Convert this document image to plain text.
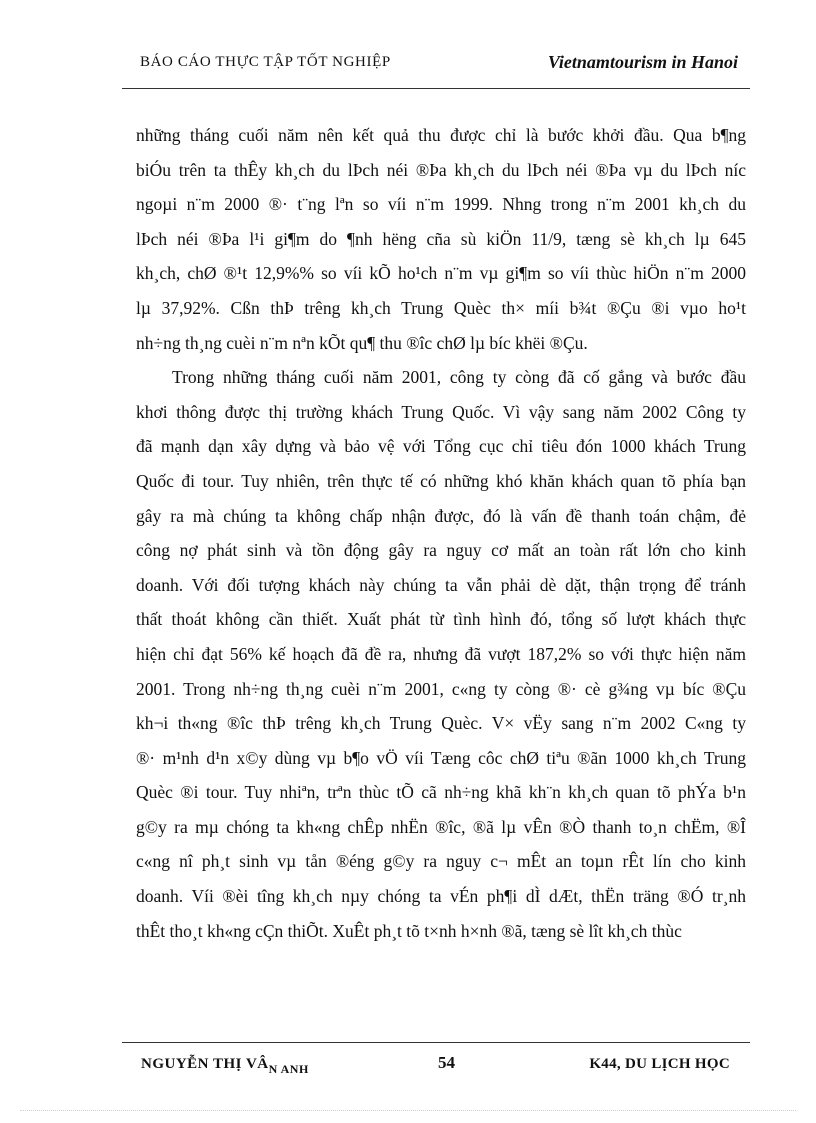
BÁO CÁO THỰC TẬP TỐT NGHIỆP	Vietnamtourism in Hanoi
những tháng cuối năm nên kết quả thu được chỉ là bước khởi đầu. Qua b¶ng
biÓu trên ta thÊy kh¸ch du lÞch néi ®Þa kh¸ch du lÞch néi ®Þa vµ du lÞch níc
ngoµi n¨m 2000 ®· t¨ng lªn so víi n¨m 1999. Nhng trong n¨m 2001 kh¸ch du
lÞch néi ®Þa l¹i gi¶m do ¶nh hëng cña sù kiÖn 11/9, tæng sè kh¸ch lµ 645
kh¸ch, chØ ®¹t 12,9%% so víi kÕ ho¹ch n¨m vµ gi¶m so víi thùc hiÖn n¨m 2000
lµ 37,92%. Cßn thÞ trêng kh¸ch Trung Quèc th× míi b¾t ®Çu ®i vµo ho¹t
nh÷ng th¸ng cuèi n¨m nªn kÕt qu¶ thu ®îc chØ lµ bíc khëi ®Çu.
Trong những tháng cuối năm 2001, công ty còng đã cố gắng và bước đầu
khơi thông được thị trường khách Trung Quốc. Vì vậy sang năm 2002 Công ty
đã mạnh dạn xây dựng và bảo vệ với Tổng cục chỉ tiêu đón 1000 khách Trung
Quốc đi tour. Tuy nhiên, trên thực tế có những khó khăn khách quan tõ phía bạn
gây ra mà chúng ta không chấp nhận được, đó là vấn đề thanh toán chậm, đẻ
công nợ phát sinh và tồn động gây ra nguy cơ mất an toàn rất lớn cho kinh
doanh. Với đối tượng khách này chúng ta vẫn phải dè dặt, thận trọng để tránh
thất thoát không cần thiết. Xuất phát từ tình hình đó, tổng số lượt khách thực
hiện chỉ đạt 56% kế hoạch đã đề ra, nhưng đã vượt 187,2% so với thực hiện năm
2001. Trong nh÷ng th¸ng cuèi n¨m 2001, c«ng ty còng ®· cè g¾ng vµ bíc ®Çu
kh¬i th«ng ®îc thÞ trêng kh¸ch Trung Quèc. V× vËy sang n¨m 2002 C«ng ty
®· m¹nh d¹n x©y dùng vµ b¶o vÖ víi Tæng côc chØ tiªu ®ãn 1000 kh¸ch Trung
Quèc ®i tour. Tuy nhiªn, trªn thùc tÕ cã nh÷ng khã kh¨n kh¸ch quan tõ phÝa b¹n
g©y ra mµ chóng ta kh«ng chÊp nhËn ®îc, ®ã lµ vÊn ®Ò thanh to¸n chËm, ®Î
c«ng nî ph¸t sinh vµ tån ®éng g©y ra nguy c¬ mÊt an toµn rÊt lín cho kinh
doanh. Víi ®èi tîng kh¸ch nµy chóng ta vÉn ph¶i dÌ dÆt, thËn träng ®Ó tr¸nh
thÊt tho¸t kh«ng cÇn thiÕt. XuÊt ph¸t tõ t×nh h×nh ®ã, tæng sè lît kh¸ch thùc
NGUYỄN THỊ $VÂ_{N ANH}$	54	K44, DU LỊCH HỌC
